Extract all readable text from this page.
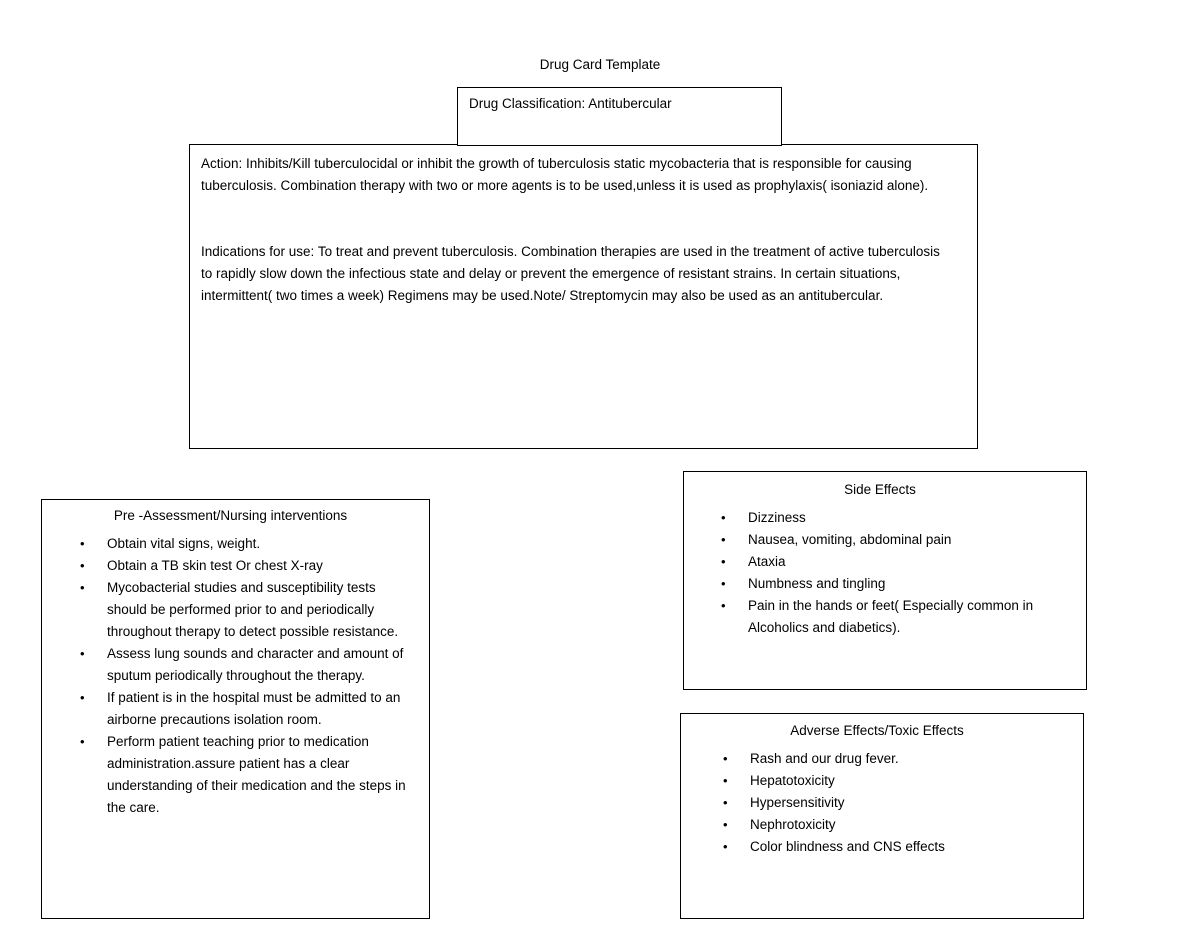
Drug Card Template
Drug Classification: Antitubercular

Action: Inhibits/Kill tuberculocidal or inhibit the growth of tuberculosis static mycobacteria that is responsible for causing tuberculosis. Combination therapy with two or more agents is to be used,unless it is used as prophylaxis( isoniazid alone).

Indications for use: To treat and prevent tuberculosis. Combination therapies are used in the treatment of active tuberculosis to rapidly slow down the infectious state and delay or prevent the emergence of resistant strains. In certain situations, intermittent( two times a week) Regimens may be used.Note/ Streptomycin may also be used as an antitubercular.

Pre -Assessment/Nursing interventions
• Obtain vital signs, weight.
• Obtain a TB skin test Or chest X-ray
• Mycobacterial studies and susceptibility tests should be performed prior to and periodically throughout therapy to detect possible resistance.
• Assess lung sounds and character and amount of sputum periodically throughout the therapy.
• If patient is in the hospital must be admitted to an airborne precautions isolation room.
• Perform patient teaching prior to medication administration.assure patient has a clear understanding of their medication and the steps in the care.
Side Effects
• Dizziness
• Nausea, vomiting, abdominal pain
• Ataxia
• Numbness and tingling
• Pain in the hands or feet( Especially common in Alcoholics and diabetics).
Adverse Effects/Toxic Effects
• Rash and our drug fever.
• Hepatotoxicity
• Hypersensitivity
• Nephrotoxicity
• Color blindness and CNS effects
